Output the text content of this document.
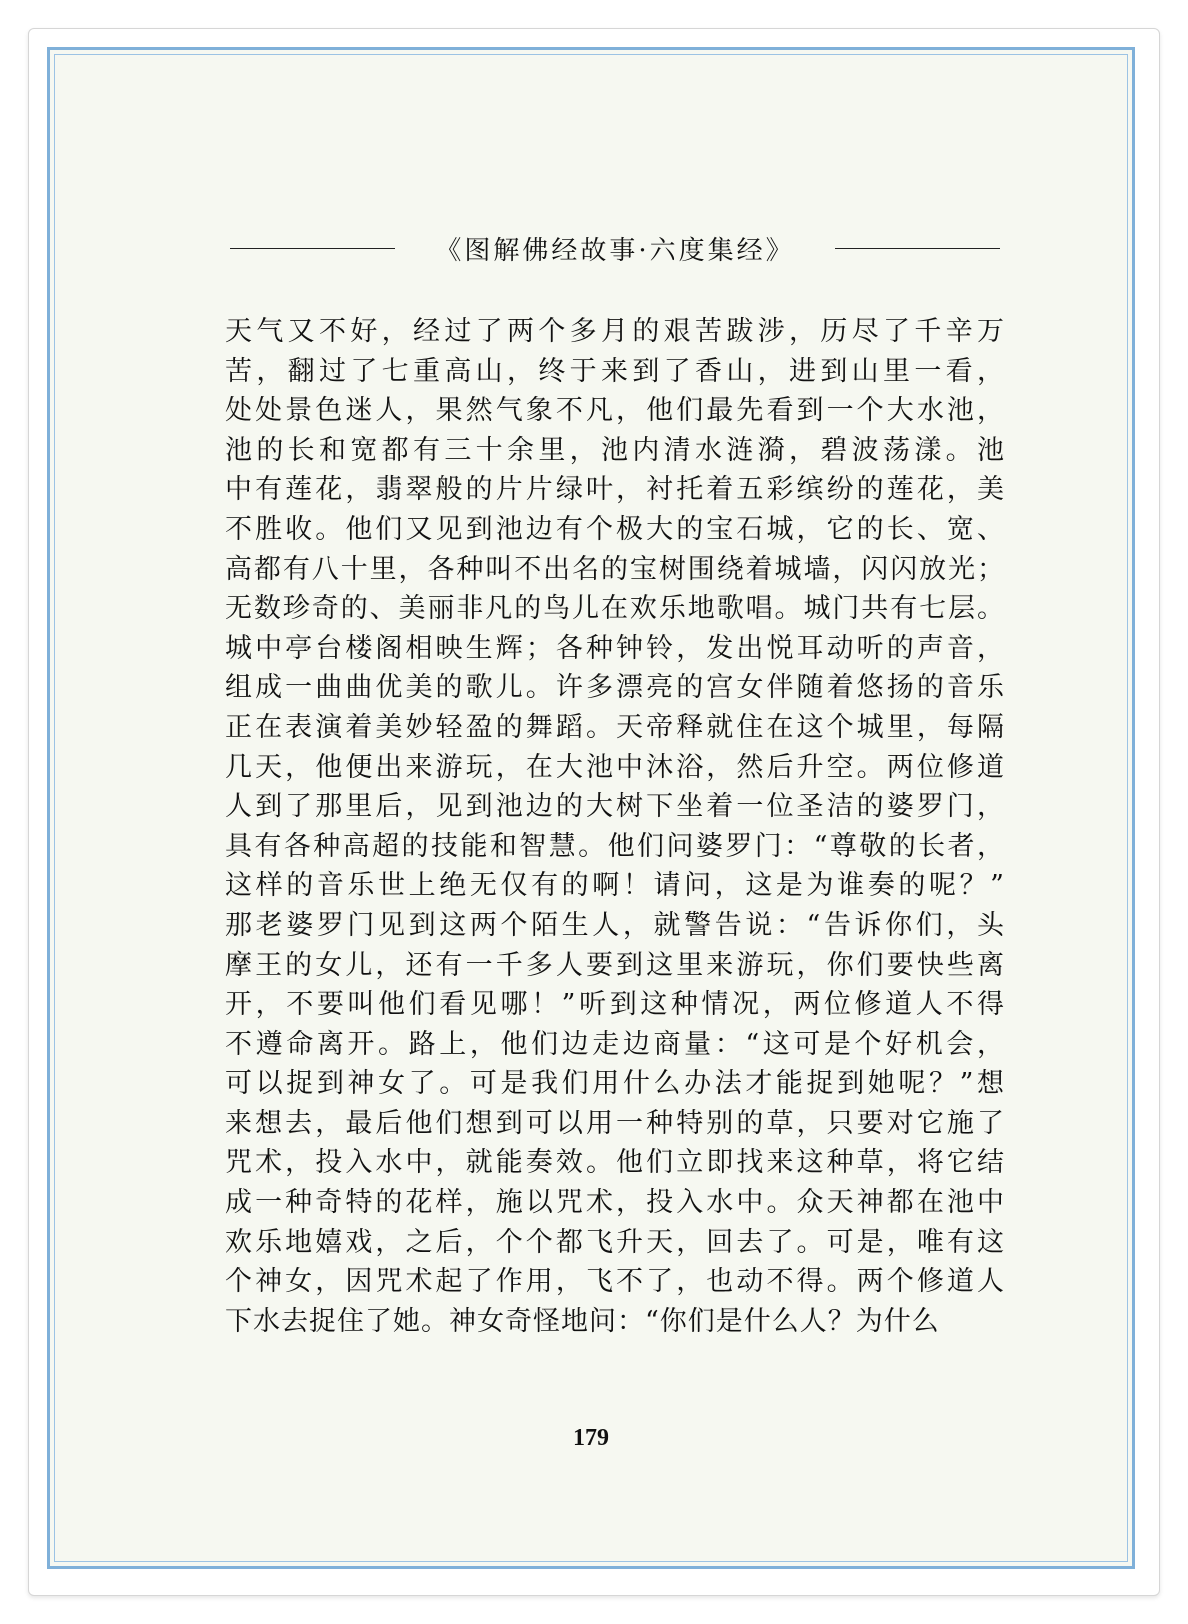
《图解佛经故事·六度集经》
天气又不好，经过了两个多月的艰苦跋涉，历尽了千辛万
苦，翻过了七重高山，终于来到了香山，进到山里一看，
处处景色迷人，果然气象不凡，他们最先看到一个大水池，
池的长和宽都有三十余里，池内清水涟漪，碧波荡漾。池
中有莲花，翡翠般的片片绿叶，衬托着五彩缤纷的莲花，美
不胜收。他们又见到池边有个极大的宝石城，它的长、宽、
高都有八十里，各种叫不出名的宝树围绕着城墙，闪闪放光；
无数珍奇的、美丽非凡的鸟儿在欢乐地歌唱。城门共有七层。
城中亭台楼阁相映生辉；各种钟铃，发出悦耳动听的声音，
组成一曲曲优美的歌儿。许多漂亮的宫女伴随着悠扬的音乐
正在表演着美妙轻盈的舞蹈。天帝释就住在这个城里，每隔
几天，他便出来游玩，在大池中沐浴，然后升空。两位修道
人到了那里后，见到池边的大树下坐着一位圣洁的婆罗门，
具有各种高超的技能和智慧。他们问婆罗门：“尊敬的长者，
这样的音乐世上绝无仅有的啊！请问，这是为谁奏的呢？”
那老婆罗门见到这两个陌生人，就警告说：“告诉你们，头
摩王的女儿，还有一千多人要到这里来游玩，你们要快些离
开，不要叫他们看见哪！”听到这种情况，两位修道人不得
不遵命离开。路上，他们边走边商量：“这可是个好机会，
可以捉到神女了。可是我们用什么办法才能捉到她呢？”想
来想去，最后他们想到可以用一种特别的草，只要对它施了
咒术，投入水中，就能奏效。他们立即找来这种草，将它结
成一种奇特的花样，施以咒术，投入水中。众天神都在池中
欢乐地嬉戏，之后，个个都飞升天，回去了。可是，唯有这
个神女，因咒术起了作用，飞不了，也动不得。两个修道人
下水去捉住了她。神女奇怪地问：“你们是什么人？为什么
179
